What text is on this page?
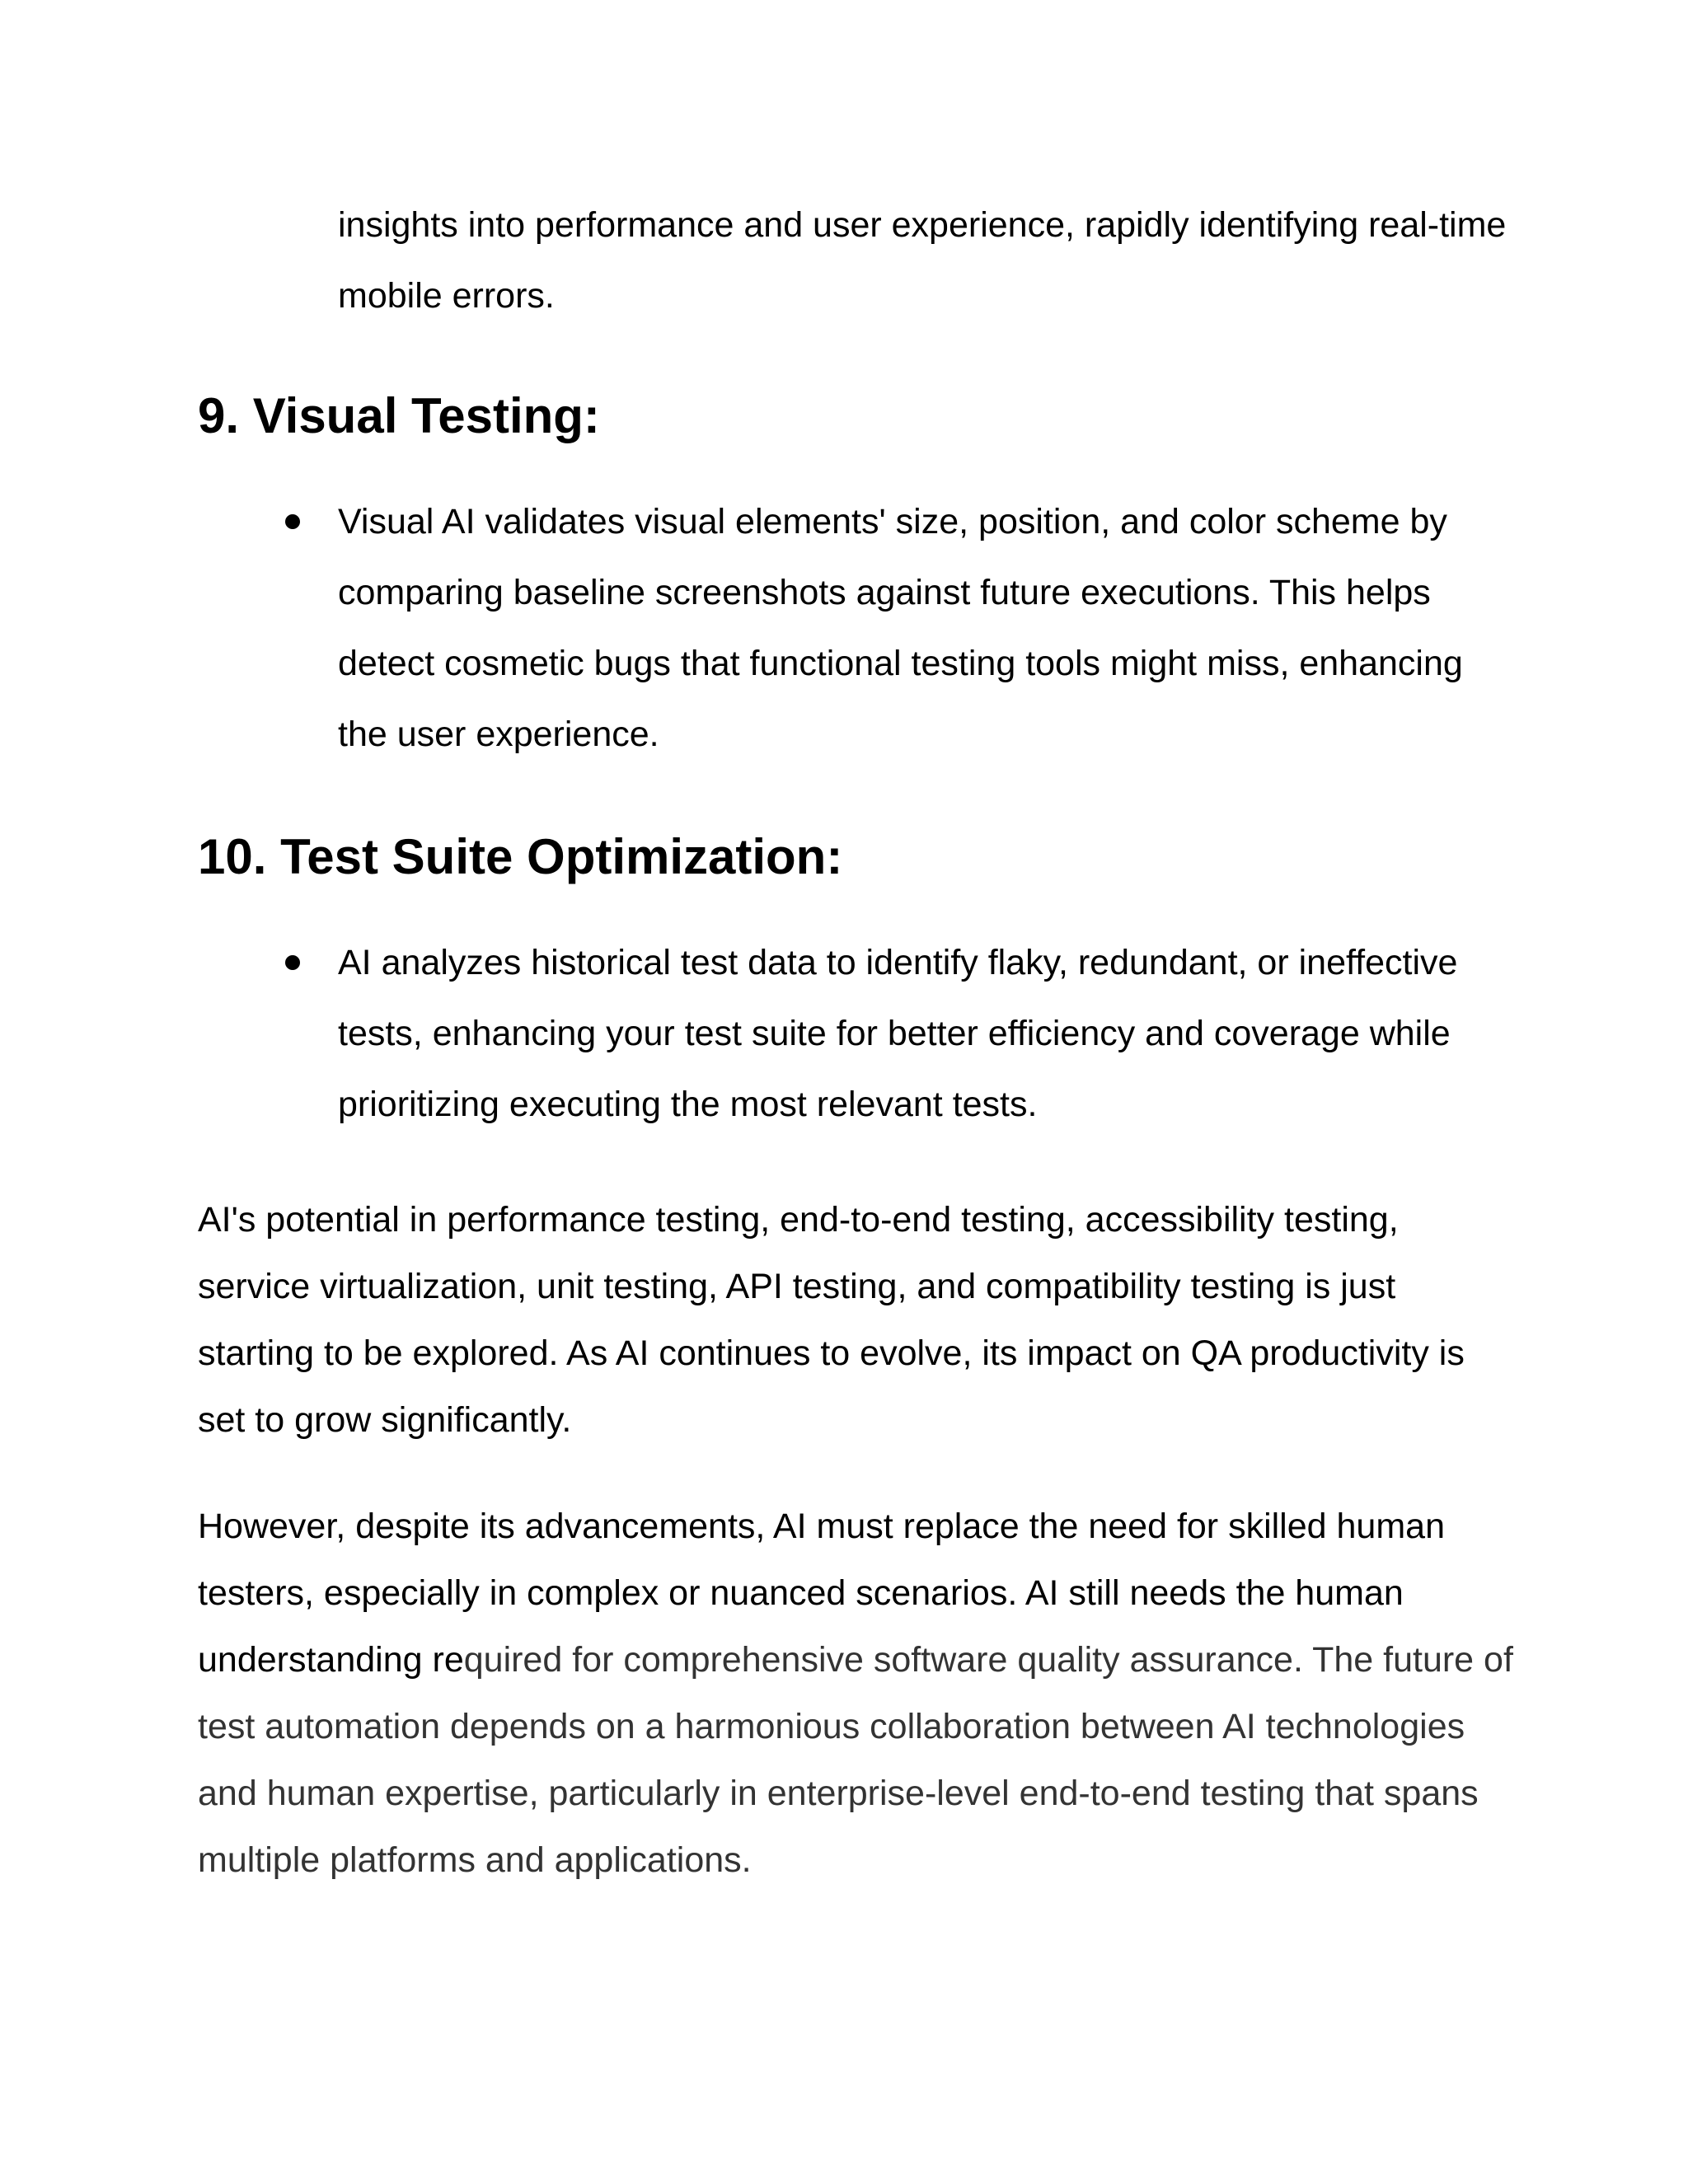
insights into performance and user experience, rapidly identifying real-time mobile errors.

9. Visual Testing:
Visual AI validates visual elements' size, position, and color scheme by comparing baseline screenshots against future executions. This helps detect cosmetic bugs that functional testing tools might miss, enhancing the user experience.
10. Test Suite Optimization:
AI analyzes historical test data to identify flaky, redundant, or ineffective tests, enhancing your test suite for better efficiency and coverage while prioritizing executing the most relevant tests.

AI's potential in performance testing, end-to-end testing, accessibility testing, service virtualization, unit testing, API testing, and compatibility testing is just starting to be explored. As AI continues to evolve, its impact on QA productivity is set to grow significantly.

However, despite its advancements, AI must replace the need for skilled human testers, especially in complex or nuanced scenarios. AI still needs the human understanding required for comprehensive software quality assurance. The future of test automation depends on a harmonious collaboration between AI technologies and human expertise, particularly in enterprise-level end-to-end testing that spans multiple platforms and applications.
